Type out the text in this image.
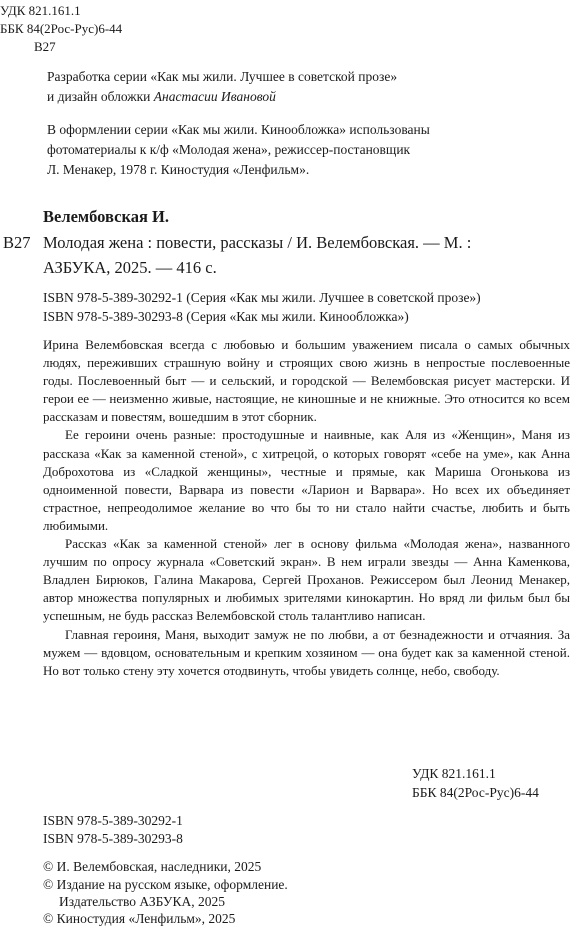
УДК 821.161.1
ББК 84(2Рос-Рус)6-44
В27
Разработка серии «Как мы жили. Лучшее в советской прозе»
и дизайн обложки Анастасии Ивановой
В оформлении серии «Как мы жили. Кинообложка» использованы
фотоматериалы к к/ф «Молодая жена», режиссер-постановщик
Л. Менакер, 1978 г. Киностудия «Ленфильм».
Велембовская И.
В27 Молодая жена : повести, рассказы / И. Велембовская. — М. :
АЗБУКА, 2025. — 416 с.
ISBN 978-5-389-30292-1 (Серия «Как мы жили. Лучшее в советской прозе»)
ISBN 978-5-389-30293-8 (Серия «Как мы жили. Кинообложка»)

Ирина Велембовская всегда с любовью и большим уважением писала о самых обычных людях, переживших страшную войну и строящих свою жизнь в непростые послевоенные годы. Послевоенный быт — и сельский, и городской — Велембовская рисует мастерски. И герои ее — неизменно живые, настоящие, не киношные и не книжные. Это относится ко всем рассказам и повестям, вошедшим в этот сборник.

Ее героини очень разные: простодушные и наивные, как Аля из «Женщин», Маня из рассказа «Как за каменной стеной», с хитрецой, о которых говорят «себе на уме», как Анна Доброхотова из «Сладкой женщины», честные и прямые, как Мариша Огонькова из одноименной повести, Варвара из повести «Ларион и Варвара». Но всех их объединяет страстное, непреодолимое желание во что бы то ни стало найти счастье, любить и быть любимыми.

Рассказ «Как за каменной стеной» лег в основу фильма «Молодая жена», названного лучшим по опросу журнала «Советский экран». В нем играли звезды — Анна Каменкова, Владлен Бирюков, Галина Макарова, Сергей Проханов. Режиссером был Леонид Менакер, автор множества популярных и любимых зрителями кинокартин. Но вряд ли фильм был бы успешным, не будь рассказ Велембовской столь талантливо написан.

Главная героиня, Маня, выходит замуж не по любви, а от безнадежности и отчаяния. За мужем — вдовцом, основательным и крепким хозяином — она будет как за каменной стеной. Но вот только стену эту хочется отодвинуть, чтобы увидеть солнце, небо, свободу.

УДК 821.161.1
ББК 84(2Рос-Рус)6-44
ISBN 978-5-389-30292-1
ISBN 978-5-389-30293-8
© И. Велембовская, наследники, 2025
© Издание на русском языке, оформление.
Издательство АЗБУКА, 2025
© Киностудия «Ленфильм», 2025
